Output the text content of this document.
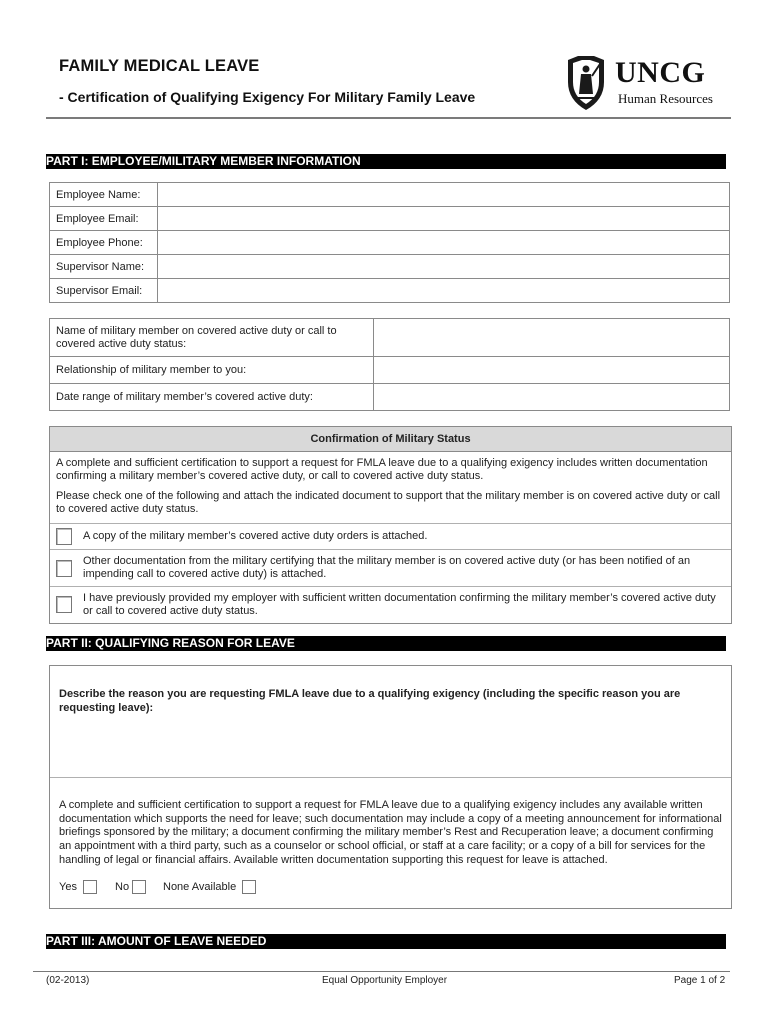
FAMILY MEDICAL LEAVE
- Certification of Qualifying Exigency For Military Family Leave
UNCG
Human Resources
PART I: EMPLOYEE/MILITARY MEMBER INFORMATION
Employee Name:	
Employee Email:	
Employee Phone:	
Supervisor Name:	
Supervisor Email:	
Name of military member on covered active duty or call to covered active duty status:	
Relationship of military member to you:	
Date range of military member’s covered active duty:	
Confirmation of Military Status

A complete and sufficient certification to support a request for FMLA leave due to a qualifying exigency includes written documentation confirming a military member’s covered active duty, or call to covered active duty status.

Please check one of the following and attach the indicated document to support that the military member is on covered active duty or call to covered active duty status.

A copy of the military member’s covered active duty orders is attached.

Other documentation from the military certifying that the military member is on covered active duty (or has been notified of an impending call to covered active duty) is attached.

I have previously provided my employer with sufficient written documentation confirming the military member’s covered active duty or call to covered active duty status.

PART II: QUALIFYING REASON FOR LEAVE

Describe the reason you are requesting FMLA leave due to a qualifying exigency (including the specific reason you are requesting leave):

A complete and sufficient certification to support a request for FMLA leave due to a qualifying exigency includes any available written documentation which supports the need for leave; such documentation may include a copy of a meeting announcement for informational briefings sponsored by the military; a document confirming the military member’s Rest and Recuperation leave; a document confirming an appointment with a third party, such as a counselor or school official, or staff at a care facility; or a copy of a bill for services for the handling of legal or financial affairs. Available written documentation supporting this request for leave is attached.

Yes	No	None Available
PART III: AMOUNT OF LEAVE NEEDED
(02-2013)	Equal Opportunity Employer	Page 1 of 2
